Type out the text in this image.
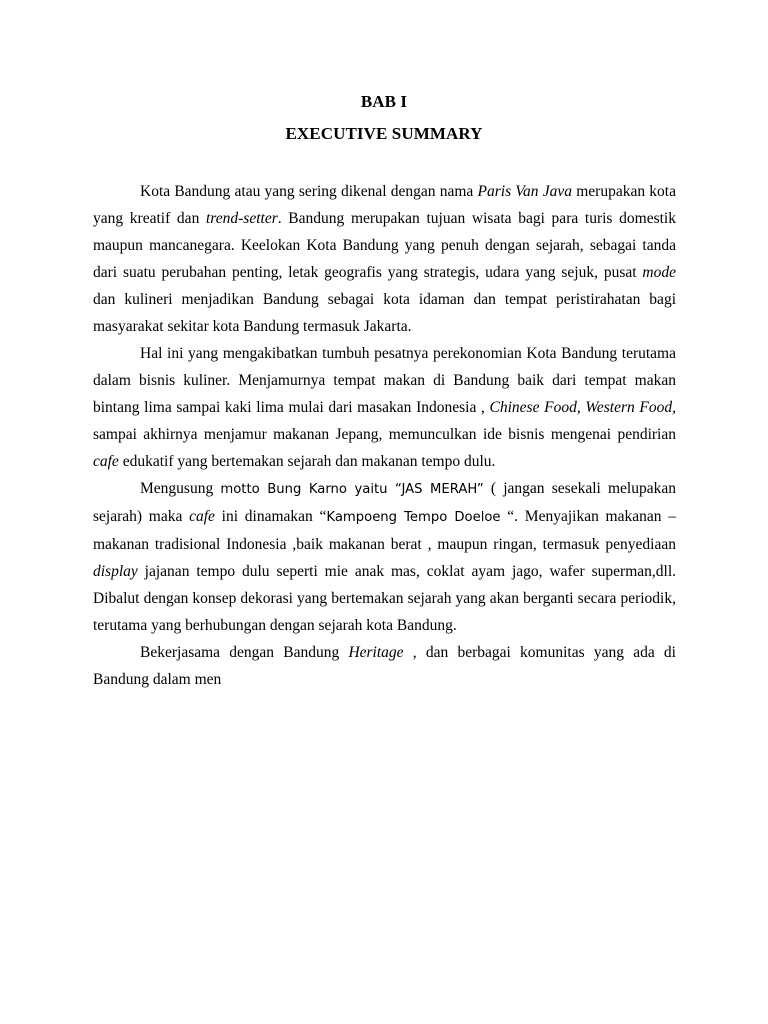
BAB I
EXECUTIVE SUMMARY

Kota Bandung atau yang sering dikenal dengan nama Paris Van Java merupakan kota yang kreatif dan trend-setter. Bandung merupakan tujuan wisata bagi para turis domestik maupun mancanegara. Keelokan Kota Bandung yang penuh dengan sejarah, sebagai tanda dari suatu perubahan penting, letak geografis yang strategis, udara yang sejuk, pusat mode dan kulineri menjadikan Bandung sebagai kota idaman dan tempat peristirahatan bagi masyarakat sekitar kota Bandung termasuk Jakarta.

Hal ini yang mengakibatkan tumbuh pesatnya perekonomian Kota Bandung terutama dalam bisnis kuliner. Menjamurnya tempat makan di Bandung baik dari tempat makan bintang lima sampai kaki lima mulai dari masakan Indonesia , Chinese Food, Western Food, sampai akhirnya menjamur makanan Jepang, memunculkan ide bisnis mengenai pendirian cafe edukatif yang bertemakan sejarah dan makanan tempo dulu.

Mengusung motto Bung Karno yaitu “JAS MERAH” ( jangan sesekali melupakan sejarah) maka cafe ini dinamakan “Kampoeng Tempo Doeloe “. Menyajikan makanan – makanan tradisional Indonesia ,baik makanan berat , maupun ringan, termasuk penyediaan display jajanan tempo dulu seperti mie anak mas, coklat ayam jago, wafer superman,dll. Dibalut dengan konsep dekorasi yang bertemakan sejarah yang akan berganti secara periodik, terutama yang berhubungan dengan sejarah kota Bandung.

Bekerjasama dengan Bandung Heritage , dan berbagai komunitas yang ada di Bandung dalam men
